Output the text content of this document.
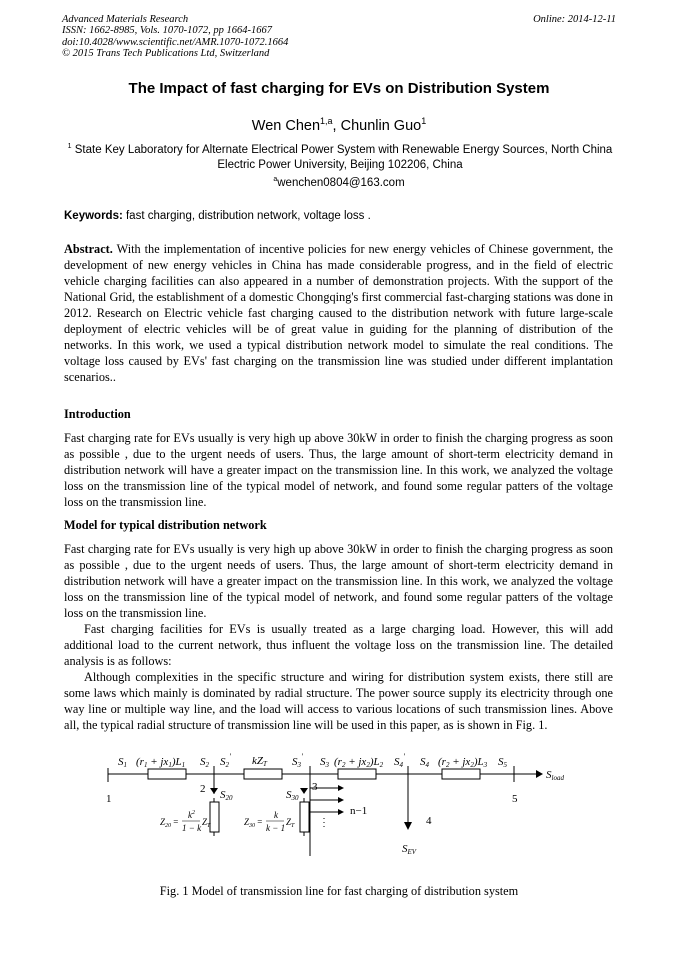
Advanced Materials Research
ISSN: 1662-8985, Vols. 1070-1072, pp 1664-1667
doi:10.4028/www.scientific.net/AMR.1070-1072.1664
© 2015 Trans Tech Publications Ltd, Switzerland
Online: 2014-12-11
The Impact of fast charging for EVs on Distribution System
Wen Chen$^{1,a}$, Chunlin Guo$^1$
$^1$ State Key Laboratory for Alternate Electrical Power System with Renewable Energy Sources, North China Electric Power University, Beijing 102206, China
$^a$wenchen0804@163.com
Keywords: fast charging, distribution network, voltage loss .

Abstract. With the implementation of incentive policies for new energy vehicles of Chinese government, the development of new energy vehicles in China has made considerable progress, and in the field of electric vehicle charging facilities can also appeared in a number of demonstration projects. With the support of the National Grid, the establishment of a domestic Chongqing's first commercial fast-charging stations was done in 2012. Research on Electric vehicle fast charging caused to the distribution network with future large-scale deployment of electric vehicles will be of great value in guiding for the planning of distribution of the networks. In this work, we used a typical distribution network model to simulate the real conditions. The voltage loss caused by EVs' fast charging on the transmission line was studied under different implantation scenarios..

Introduction

Fast charging rate for EVs usually is very high up above 30kW in order to finish the charging progress as soon as possible , due to the urgent needs of users. Thus, the large amount of short-term electricity demand in distribution network will have a greater impact on the transmission line. In this work, we analyzed the voltage loss on the transmission line of the typical model of network, and found some regular patters of the voltage loss on the transmission line.

Model for typical distribution network

Fast charging rate for EVs usually is very high up above 30kW in order to finish the charging progress as soon as possible , due to the urgent needs of users. Thus, the large amount of short-term electricity demand in distribution network will have a greater impact on the transmission line. In this work, we analyzed the voltage loss on the transmission line of the typical model of network, and found some regular patters of the voltage loss on the transmission line.

Fast charging facilities for EVs is usually treated as a large charging load. However, this will add additional load to the current network, thus influent the voltage loss on the transmission line. The detailed analysis is as follows:

Although complexities in the specific structure and wiring for distribution system exists, there still are some laws which mainly is dominated by radial structure. The power source supply its electricity through one way line or multiple way line, and the load will access to various locations of such transmission lines. Above all, the typical radial structure of transmission line will be used in this paper, as is shown in Fig. 1.

S1 (r1 + jx1)L1 S2 S2' kZT S3' S3 (r2 + jx2)L2 S4' S4 (r2 + jx2)L3 S5
Sload
S20	S30
SEV
1
2	3
4
5
n−1
$Z_{20}$ =
$k^2$
1 − k
$Z_T$	$Z_{30}$ =
k
k − 1
$Z_T$
Fig. 1 Model of transmission line for fast charging of distribution system
